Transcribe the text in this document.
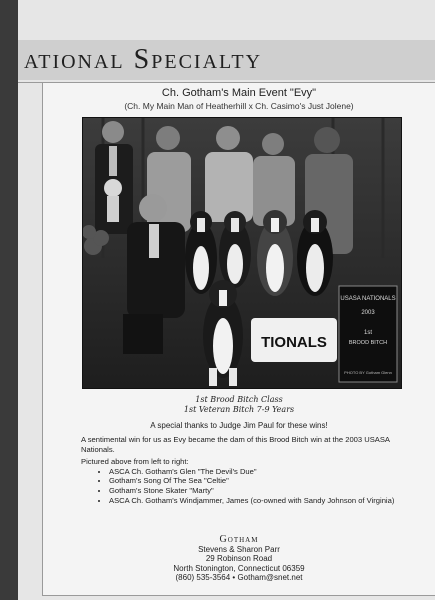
ational Specialty
Ch. Gotham's Main Event "Evy"
(Ch. My Main Man of Heatherhill x Ch. Casimo's Just Jolene)
TIONALS
USASA NATIONALS
2003
1st
BROOD BITCH
PHOTO BY Gotham Glenn
1st Brood Bitch Class
1st Veteran Bitch 7-9 Years
A special thanks to Judge Jim Paul for these wins!

A sentimental win for us as Evy became the dam of this Brood Bitch win at the 2003 USASA Nationals.

Pictured above from left to right:

• ASCA Ch. Gotham's Glen "The Devil's Due"
• Gotham's Song Of The Sea "Celtie"
• Gotham's Stone Skater "Marty"
• ASCA Ch. Gotham's Windjammer, James (co-owned with Sandy Johnson of Virginia)
Gotham
Stevens & Sharon Parr
29 Robinson Road
North Stonington, Connecticut 06359
(860) 535-3564 • Gotham@snet.net
